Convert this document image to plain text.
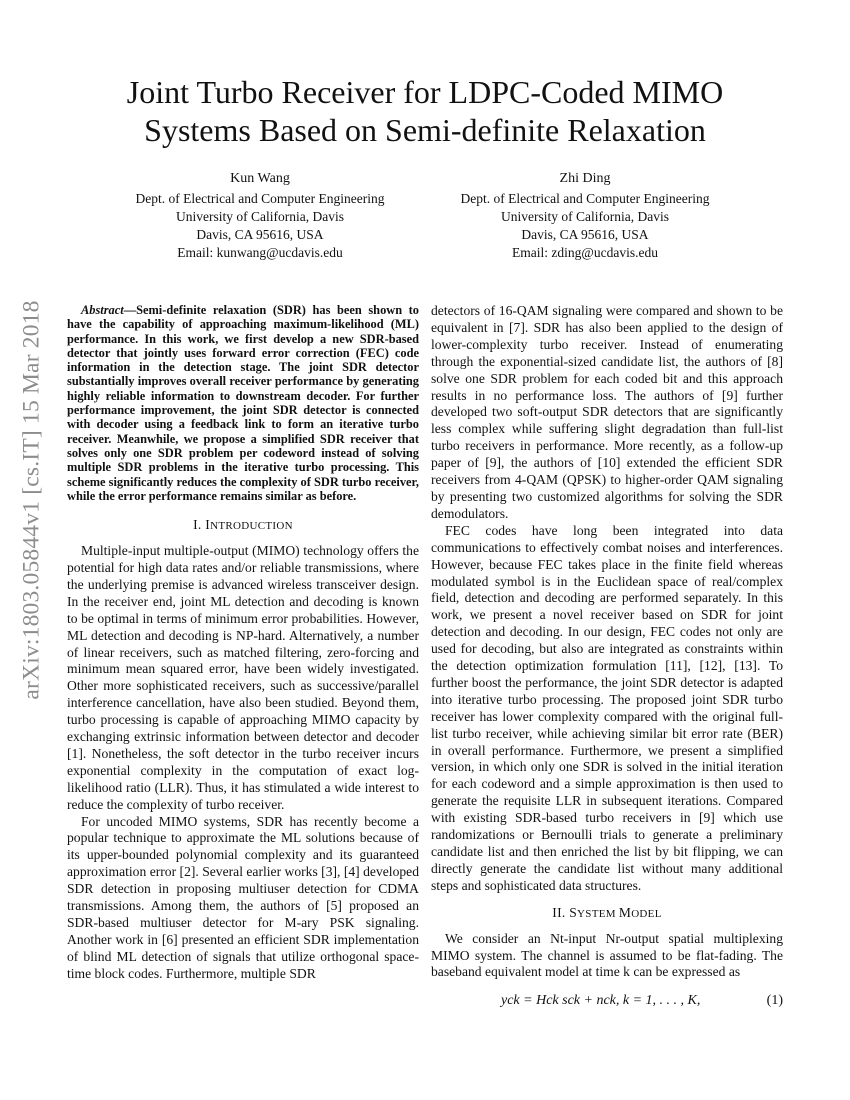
arXiv:1803.05844v1 [cs.IT] 15 Mar 2018
Joint Turbo Receiver for LDPC-Coded MIMO
Systems Based on Semi-definite Relaxation
Kun Wang
Dept. of Electrical and Computer Engineering
University of California, Davis
Davis, CA 95616, USA
Email: kunwang@ucdavis.edu
Zhi Ding
Dept. of Electrical and Computer Engineering
University of California, Davis
Davis, CA 95616, USA
Email: zding@ucdavis.edu

Abstract—Semi-definite relaxation (SDR) has been shown to have the capability of approaching maximum-likelihood (ML) performance. In this work, we first develop a new SDR-based detector that jointly uses forward error correction (FEC) code information in the detection stage. The joint SDR detector substantially improves overall receiver performance by generating highly reliable information to downstream decoder. For further performance improvement, the joint SDR detector is connected with decoder using a feedback link to form an iterative turbo receiver. Meanwhile, we propose a simplified SDR receiver that solves only one SDR problem per codeword instead of solving multiple SDR problems in the iterative turbo processing. This scheme significantly reduces the complexity of SDR turbo receiver, while the error performance remains similar as before.

I. INTRODUCTION

Multiple-input multiple-output (MIMO) technology offers the potential for high data rates and/or reliable transmissions, where the underlying premise is advanced wireless transceiver design. In the receiver end, joint ML detection and decoding is known to be optimal in terms of minimum error probabilities. However, ML detection and decoding is NP-hard. Alternatively, a number of linear receivers, such as matched filtering, zero-forcing and minimum mean squared error, have been widely investigated. Other more sophisticated receivers, such as successive/parallel interference cancellation, have also been studied. Beyond them, turbo processing is capable of approaching MIMO capacity by exchanging extrinsic information between detector and decoder [1]. Nonetheless, the soft detector in the turbo receiver incurs exponential complexity in the computation of exact log-likelihood ratio (LLR). Thus, it has stimulated a wide interest to reduce the complexity of turbo receiver.

For uncoded MIMO systems, SDR has recently become a popular technique to approximate the ML solutions because of its upper-bounded polynomial complexity and its guaranteed approximation error [2]. Several earlier works [3], [4] developed SDR detection in proposing multiuser detection for CDMA transmissions. Among them, the authors of [5] proposed an SDR-based multiuser detector for M-ary PSK signaling. Another work in [6] presented an efficient SDR implementation of blind ML detection of signals that utilize orthogonal space-time block codes. Furthermore, multiple SDR

detectors of 16-QAM signaling were compared and shown to be equivalent in [7]. SDR has also been applied to the design of lower-complexity turbo receiver. Instead of enumerating through the exponential-sized candidate list, the authors of [8] solve one SDR problem for each coded bit and this approach results in no performance loss. The authors of [9] further developed two soft-output SDR detectors that are significantly less complex while suffering slight degradation than full-list turbo receivers in performance. More recently, as a follow-up paper of [9], the authors of [10] extended the efficient SDR receivers from 4-QAM (QPSK) to higher-order QAM signaling by presenting two customized algorithms for solving the SDR demodulators.

FEC codes have long been integrated into data communications to effectively combat noises and interferences. However, because FEC takes place in the finite field whereas modulated symbol is in the Euclidean space of real/complex field, detection and decoding are performed separately. In this work, we present a novel receiver based on SDR for joint detection and decoding. In our design, FEC codes not only are used for decoding, but also are integrated as constraints within the detection optimization formulation [11], [12], [13]. To further boost the performance, the joint SDR detector is adapted into iterative turbo processing. The proposed joint SDR turbo receiver has lower complexity compared with the original full-list turbo receiver, while achieving similar bit error rate (BER) in overall performance. Furthermore, we present a simplified version, in which only one SDR is solved in the initial iteration for each codeword and a simple approximation is then used to generate the requisite LLR in subsequent iterations. Compared with existing SDR-based turbo receivers in [9] which use randomizations or Bernoulli trials to generate a preliminary candidate list and then enriched the list by bit flipping, we can directly generate the candidate list without many additional steps and sophisticated data structures.

II. SYSTEM MODEL

We consider an Nt-input Nr-output spatial multiplexing MIMO system. The channel is assumed to be flat-fading. The baseband equivalent model at time k can be expressed as

yck = Hck sck + nck, k = 1, . . . , K,	(1)
